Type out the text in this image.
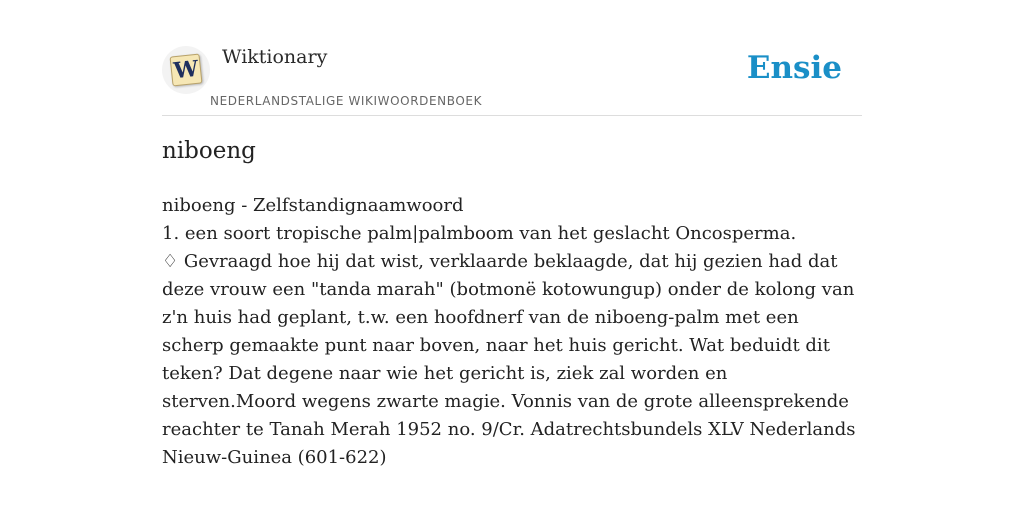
W Wiktionary
NEDERLANDSTALIGE WIKIWOORDENBOEK
Ensie
niboeng

niboeng - Zelfstandignaamwoord

1. een soort tropische palm|palmboom van het geslacht Oncosperma.

♢ Gevraagd hoe hij dat wist, verklaarde beklaagde, dat hij gezien had dat deze vrouw een "tanda marah" (botmonë kotowungup) onder de kolong van z'n huis had geplant, t.w. een hoofdnerf van de niboeng-palm met een scherp gemaakte punt naar boven, naar het huis gericht. Wat beduidt dit teken? Dat degene naar wie het gericht is, ziek zal worden en sterven.Moord wegens zwarte magie. Vonnis van de grote alleensprekende reachter te Tanah Merah 1952 no. 9/Cr. Adatrechtsbundels XLV Nederlands Nieuw-Guinea (601-622)
